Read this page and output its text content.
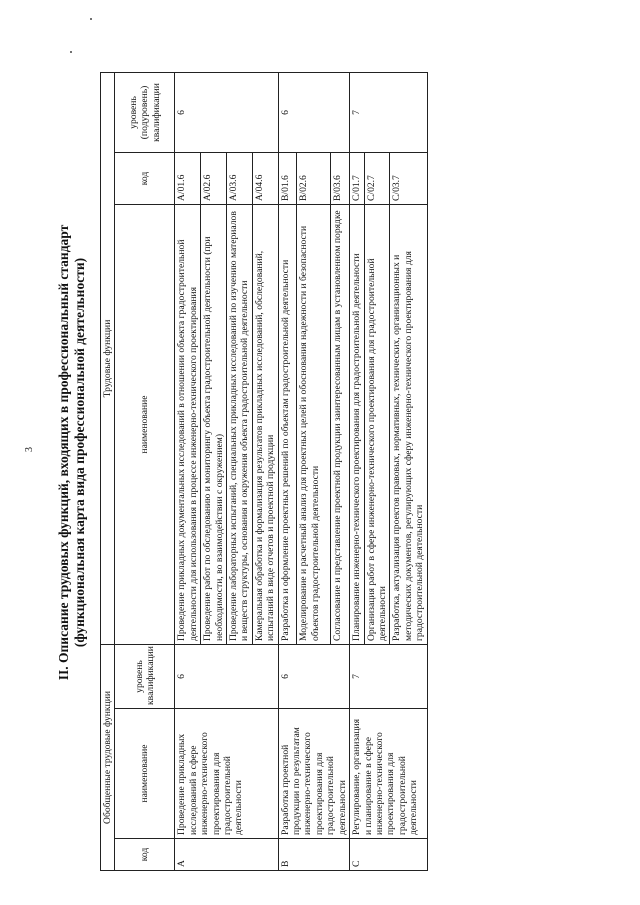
3 II. Описание трудовых функций, входящих в профессиональный стандарт (функциональная карта вида профессиональной деятельности)
Обобщенные трудовые функции			Трудовые функции		
код	наименование	уровень квалификации	наименование	код	уровень (подуровень) квалификации
A	Проведение прикладных исследований в сфере инженерно-технического проектирования для градостроительной деятельности	6	Проведение прикладных документальных исследований в отношении объекта градостроительной деятельности для использования в процессе инженерно-технического проектирования	A/01.6	6
			Проведение работ по обследованию и мониторингу объекта градостроительной деятельности (при необходимости, во взаимодействии с окружением)	A/02.6	
			Проведение лабораторных испытаний, специальных прикладных исследований по изучению материалов и веществ структуры, основания и окружения объекта градостроительной деятельности	A/03.6	
			Камеральная обработка и формализация результатов прикладных исследований, обследований, испытаний в виде отчетов и проектной продукции	A/04.6	
B	Разработка проектной продукции по результатам инженерно-технического проектирования для градостроительной деятельности	6	Разработка и оформление проектных решений по объектам градостроительной деятельности	B/01.6	6
			Моделирование и расчетный анализ для проектных целей и обоснования надежности и безопасности объектов градостроительной деятельности	B/02.6	
			Согласование и представление проектной продукции заинтересованным лицам в установленном порядке	B/03.6	
C	Регулирование, организация и планирование в сфере инженерно-технического проектирования для градостроительной деятельности	7	Планирование инженерно-технического проектирования для градостроительной деятельности	C/01.7	7
			Организация работ в сфере инженерно-технического проектирования для градостроительной деятельности	C/02.7	
			Разработка, актуализация проектов правовых, нормативных, технических, организационных и методических документов, регулирующих сферу инженерно-технического проектирования для градостроительной деятельности	C/03.7	
